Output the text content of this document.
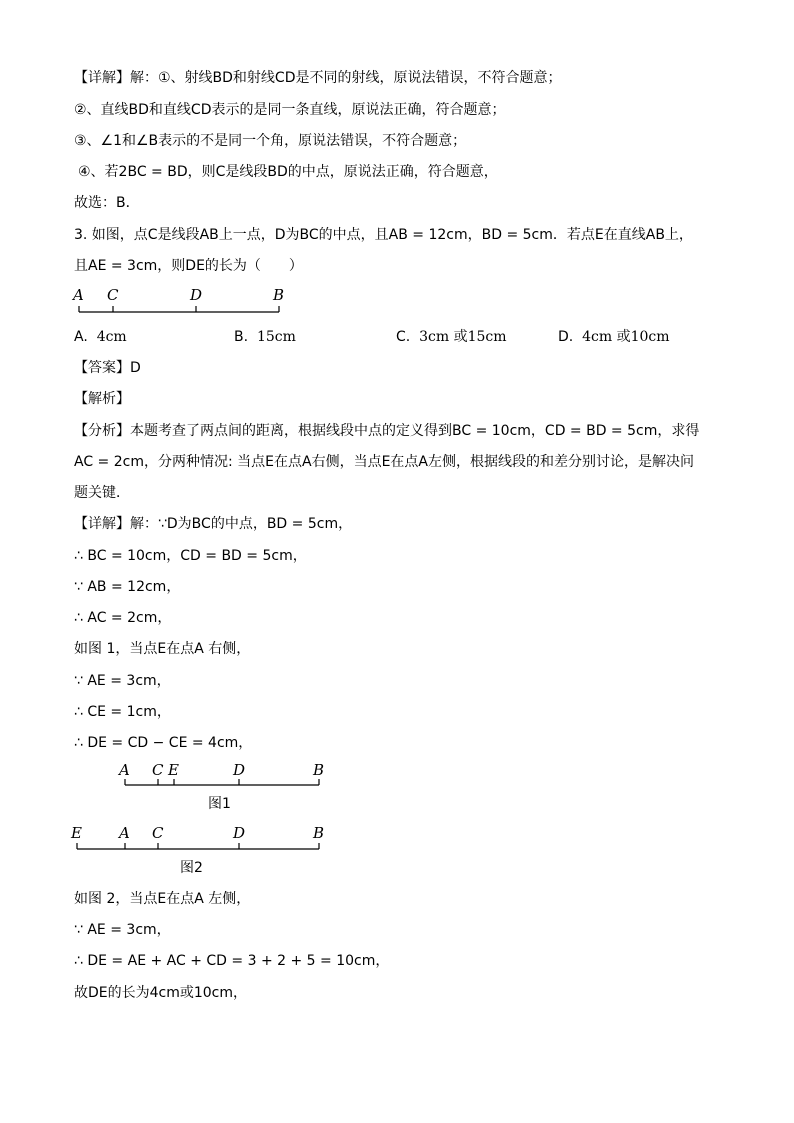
【详解】解：①、射线BD和射线CD是不同的射线，原说法错误，不符合题意；
②、直线BD和直线CD表示的是同一条直线，原说法正确，符合题意；
③、∠1和∠B表示的不是同一个角，原说法错误，不符合题意；
④、若2BC = BD，则C是线段BD的中点，原说法正确，符合题意，
故选：B．
3. 如图，点C是线段AB上一点，D为BC的中点，且AB = 12cm，BD = 5cm．若点E在直线AB上，
且AE = 3cm，则DE的长为（　　）
A C	D	B
A. 4cm	B. 15cm	C. 3cm 或15cm	D. 4cm 或10cm
【答案】D
【解析】
【分析】本题考查了两点间的距离，根据线段中点的定义得到BC = 10cm，CD = BD = 5cm，求得
AC = 2cm，分两种情况: 当点E在点A右侧，当点E在点A左侧，根据线段的和差分别讨论，是解决问
题关键．
【详解】解：∵D为BC的中点，BD = 5cm，
∴ BC = 10cm，CD = BD = 5cm，
∵ AB = 12cm，
∴ AC = 2cm，
如图 1，当点E在点A 右侧，
∵ AE = 3cm，
∴ CE = 1cm，
∴ DE = CD − CE = 4cm，
A C E	D	B
图1
E A C	D	B
图2
如图 2，当点E在点A 左侧，
∵ AE = 3cm，
∴ DE = AE + AC + CD = 3 + 2 + 5 = 10cm，
故DE的长为4cm或10cm，
